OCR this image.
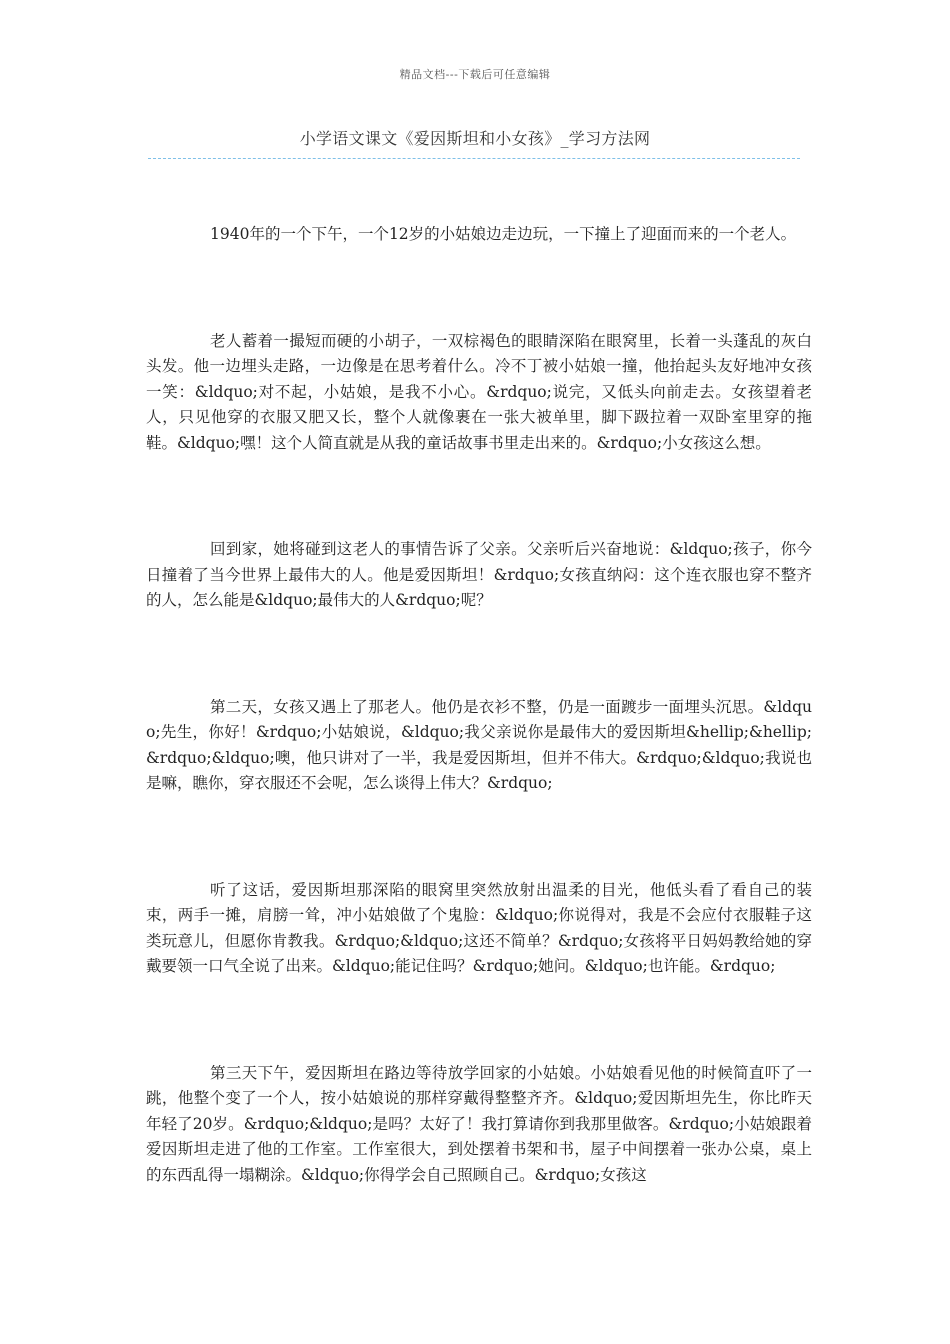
精品文档---下载后可任意编辑
小学语文课文《爱因斯坦和小女孩》_学习方法网

1940年的一个下午，一个12岁的小姑娘边走边玩，一下撞上了迎面而来的一个老人。

老人蓄着一撮短而硬的小胡子，一双棕褐色的眼睛深陷在眼窝里，长着一头蓬乱的灰白头发。他一边埋头走路，一边像是在思考着什么。冷不丁被小姑娘一撞，他抬起头友好地冲女孩一笑：&ldquo;对不起，小姑娘，是我不小心。&rdquo;说完，又低头向前走去。女孩望着老人，只见他穿的衣服又肥又长，整个人就像裹在一张大被单里，脚下趿拉着一双卧室里穿的拖鞋。&ldquo;嘿！这个人简直就是从我的童话故事书里走出来的。&rdquo;小女孩这么想。

回到家，她将碰到这老人的事情告诉了父亲。父亲听后兴奋地说：&ldquo;孩子，你今日撞着了当今世界上最伟大的人。他是爱因斯坦！&rdquo;女孩直纳闷：这个连衣服也穿不整齐的人，怎么能是&ldquo;最伟大的人&rdquo;呢？

第二天，女孩又遇上了那老人。他仍是衣衫不整，仍是一面踱步一面埋头沉思。&ldquo;先生，你好！&rdquo;小姑娘说，&ldquo;我父亲说你是最伟大的爱因斯坦&hellip;&hellip;&rdquo;&ldquo;噢，他只讲对了一半，我是爱因斯坦，但并不伟大。&rdquo;&ldquo;我说也是嘛，瞧你，穿衣服还不会呢，怎么谈得上伟大？&rdquo;

听了这话，爱因斯坦那深陷的眼窝里突然放射出温柔的目光，他低头看了看自己的装束，两手一摊，肩膀一耸，冲小姑娘做了个鬼脸：&ldquo;你说得对，我是不会应付衣服鞋子这类玩意儿，但愿你肯教我。&rdquo;&ldquo;这还不简单？&rdquo;女孩将平日妈妈教给她的穿戴要领一口气全说了出来。&ldquo;能记住吗？&rdquo;她问。&ldquo;也许能。&rdquo;

第三天下午，爱因斯坦在路边等待放学回家的小姑娘。小姑娘看见他的时候简直吓了一跳，他整个变了一个人，按小姑娘说的那样穿戴得整整齐齐。&ldquo;爱因斯坦先生，你比昨天年轻了20岁。&rdquo;&ldquo;是吗？太好了！我打算请你到我那里做客。&rdquo;小姑娘跟着爱因斯坦走进了他的工作室。工作室很大，到处摆着书架和书，屋子中间摆着一张办公桌，桌上的东西乱得一塌糊涂。&ldquo;你得学会自己照顾自己。&rdquo;女孩这
